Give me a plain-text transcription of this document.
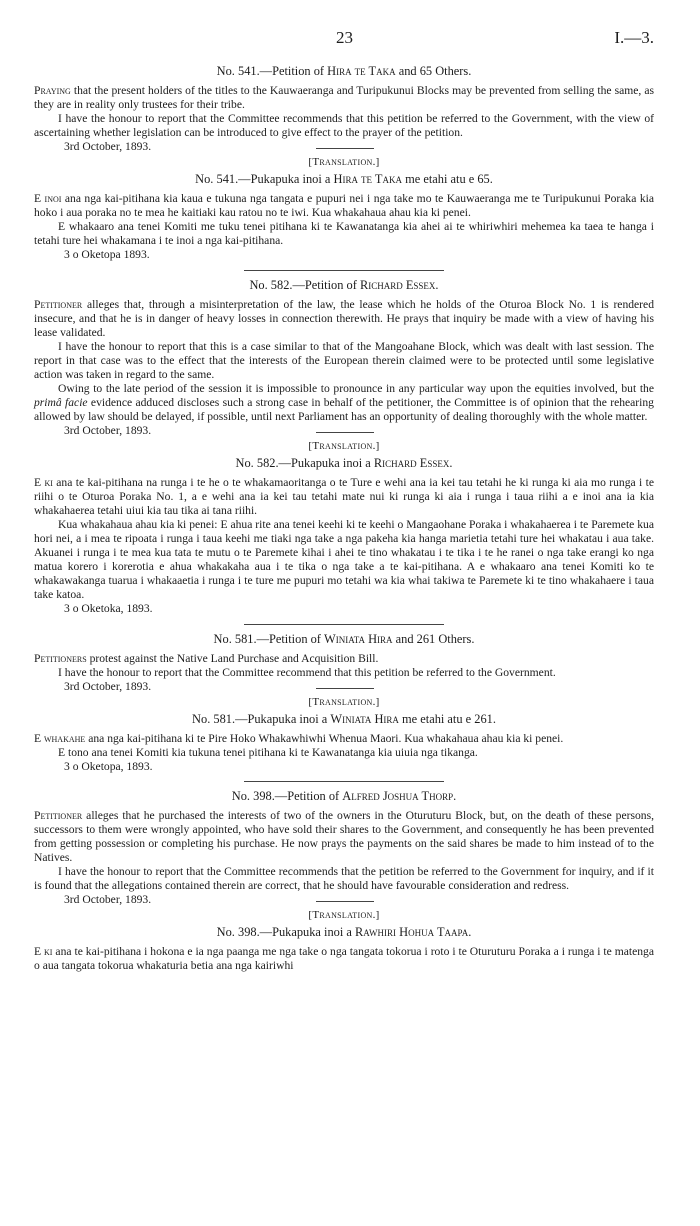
23	I.—3.

No. 541.—Petition of Hira te Taka and 65 Others.

Praying that the present holders of the titles to the Kauwaeranga and Turipukunui Blocks may be prevented from selling the same, as they are in reality only trustees for their tribe.

I have the honour to report that the Committee recommends that this petition be referred to the Government, with the view of ascertaining whether legislation can be introduced to give effect to the prayer of the petition.

3rd October, 1893.

[Translation.]

No. 541.—Pukapuka inoi a Hira te Taka me etahi atu e 65.

E inoi ana nga kai-pitihana kia kaua e tukuna nga tangata e pupuri nei i nga take mo te Kauwaeranga me te Turipukunui Poraka kia hoko i aua poraka no te mea he kaitiaki kau ratou no te iwi. Kua whakahaua ahau kia ki penei.

E whakaaro ana tenei Komiti me tuku tenei pitihana ki te Kawanatanga kia ahei ai te whiriwhiri mehemea ka taea te hanga i tetahi ture hei whakamana i te inoi a nga kai-pitihana.

3 o Oketopa 1893.

No. 582.—Petition of Richard Essex.

Petitioner alleges that, through a misinterpretation of the law, the lease which he holds of the Oturoa Block No. 1 is rendered insecure, and that he is in danger of heavy losses in connection therewith. He prays that inquiry be made with a view of having his lease validated.

I have the honour to report that this is a case similar to that of the Mangoahane Block, which was dealt with last session. The report in that case was to the effect that the interests of the European therein claimed were to be protected until some legislative action was taken in regard to the same.

Owing to the late period of the session it is impossible to pronounce in any particular way upon the equities involved, but the primâ facie evidence adduced discloses such a strong case in behalf of the petitioner, the Committee is of opinion that the rehearing allowed by law should be delayed, if possible, until next Parliament has an opportunity of dealing thoroughly with the whole matter.

3rd October, 1893.

[Translation.]

No. 582.—Pukapuka inoi a Richard Essex.

E ki ana te kai-pitihana na runga i te he o te whakamaoritanga o te Ture e wehi ana ia kei tau tetahi he ki runga ki aia mo runga i te riihi o te Oturoa Poraka No. 1, a e wehi ana ia kei tau tetahi mate nui ki runga ki aia i runga i taua riihi a e inoi ana ia kia whakahaerea tetahi uiui kia tau tika ai tana riihi.

Kua whakahaua ahau kia ki penei: E ahua rite ana tenei keehi ki te keehi o Mangaohane Poraka i whakahaerea i te Paremete kua hori nei, a i mea te ripoata i runga i taua keehi me tiaki nga take a nga pakeha kia hanga marietia tetahi ture hei whakatau i aua take. Akuanei i runga i te mea kua tata te mutu o te Paremete kihai i ahei te tino whakatau i te tika i te he ranei o nga take erangi ko nga matua korero i korerotia e ahua whakakaha aua i te tika o nga take a te kai-pitihana. A e whakaaro ana tenei Komiti ko te whakawakanga tuarua i whakaaetia i runga i te ture me pupuri mo tetahi wa kia whai takiwa te Paremete ki te tino whakahaere i taua take katoa.

3 o Oketoka, 1893.

No. 581.—Petition of Winiata Hira and 261 Others.

Petitioners protest against the Native Land Purchase and Acquisition Bill.

I have the honour to report that the Committee recommend that this petition be referred to the Government.

3rd October, 1893.

[Translation.]

No. 581.—Pukapuka inoi a Winiata Hira me etahi atu e 261.

E whakahe ana nga kai-pitihana ki te Pire Hoko Whakawhiwhi Whenua Maori. Kua whakahaua ahau kia ki penei.

E tono ana tenei Komiti kia tukuna tenei pitihana ki te Kawanatanga kia uiuia nga tikanga.

3 o Oketopa, 1893.

No. 398.—Petition of Alfred Joshua Thorp.

Petitioner alleges that he purchased the interests of two of the owners in the Oturuturu Block, but, on the death of these persons, successors to them were wrongly appointed, who have sold their shares to the Government, and consequently he has been prevented from getting possession or completing his purchase. He now prays the payments on the said shares be made to him instead of to the Natives.

I have the honour to report that the Committee recommends that the petition be referred to the Government for inquiry, and if it is found that the allegations contained therein are correct, that he should have favourable consideration and redress.

3rd October, 1893.

[Translation.]

No. 398.—Pukapuka inoi a Rawhiri Hohua Taapa.

E ki ana te kai-pitihana i hokona e ia nga paanga me nga take o nga tangata tokorua i roto i te Oturuturu Poraka a i runga i te matenga o aua tangata tokorua whakaturia betia ana nga kairiwhi
